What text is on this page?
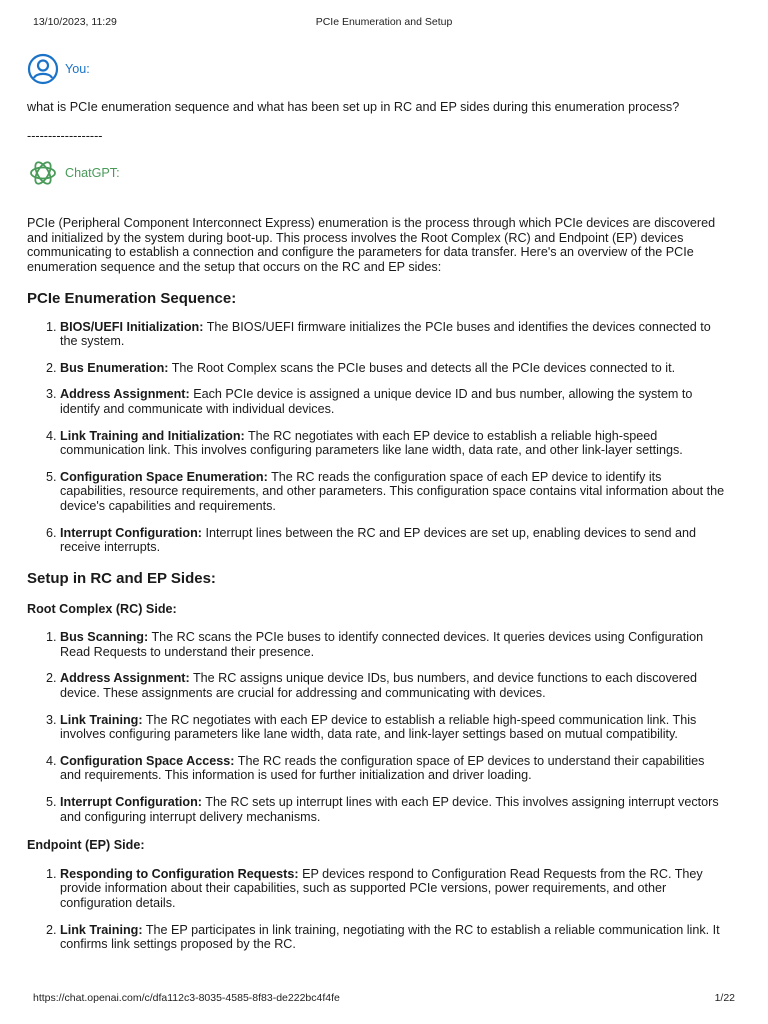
13/10/2023, 11:29	PCIe Enumeration and Setup
You:
what is PCIe enumeration sequence and what has been set up in RC and EP sides during this enumeration process?
------------------
ChatGPT:
PCIe (Peripheral Component Interconnect Express) enumeration is the process through which PCIe devices are discovered and initialized by the system during boot-up. This process involves the Root Complex (RC) and Endpoint (EP) devices communicating to establish a connection and configure the parameters for data transfer. Here's an overview of the PCIe enumeration sequence and the setup that occurs on the RC and EP sides:
PCIe Enumeration Sequence:
1. BIOS/UEFI Initialization: The BIOS/UEFI firmware initializes the PCIe buses and identifies the devices connected to the system.
2. Bus Enumeration: The Root Complex scans the PCIe buses and detects all the PCIe devices connected to it.
3. Address Assignment: Each PCIe device is assigned a unique device ID and bus number, allowing the system to identify and communicate with individual devices.
4. Link Training and Initialization: The RC negotiates with each EP device to establish a reliable high-speed communication link. This involves configuring parameters like lane width, data rate, and other link-layer settings.
5. Configuration Space Enumeration: The RC reads the configuration space of each EP device to identify its capabilities, resource requirements, and other parameters. This configuration space contains vital information about the device's capabilities and requirements.
6. Interrupt Configuration: Interrupt lines between the RC and EP devices are set up, enabling devices to send and receive interrupts.
Setup in RC and EP Sides:
Root Complex (RC) Side:
1. Bus Scanning: The RC scans the PCIe buses to identify connected devices. It queries devices using Configuration Read Requests to understand their presence.
2. Address Assignment: The RC assigns unique device IDs, bus numbers, and device functions to each discovered device. These assignments are crucial for addressing and communicating with devices.
3. Link Training: The RC negotiates with each EP device to establish a reliable high-speed communication link. This involves configuring parameters like lane width, data rate, and link-layer settings based on mutual compatibility.
4. Configuration Space Access: The RC reads the configuration space of EP devices to understand their capabilities and requirements. This information is used for further initialization and driver loading.
5. Interrupt Configuration: The RC sets up interrupt lines with each EP device. This involves assigning interrupt vectors and configuring interrupt delivery mechanisms.
Endpoint (EP) Side:
1. Responding to Configuration Requests: EP devices respond to Configuration Read Requests from the RC. They provide information about their capabilities, such as supported PCIe versions, power requirements, and other configuration details.
2. Link Training: The EP participates in link training, negotiating with the RC to establish a reliable communication link. It confirms link settings proposed by the RC.
https://chat.openai.com/c/dfa112c3-8035-4585-8f83-de222bc4f4fe	1/22
